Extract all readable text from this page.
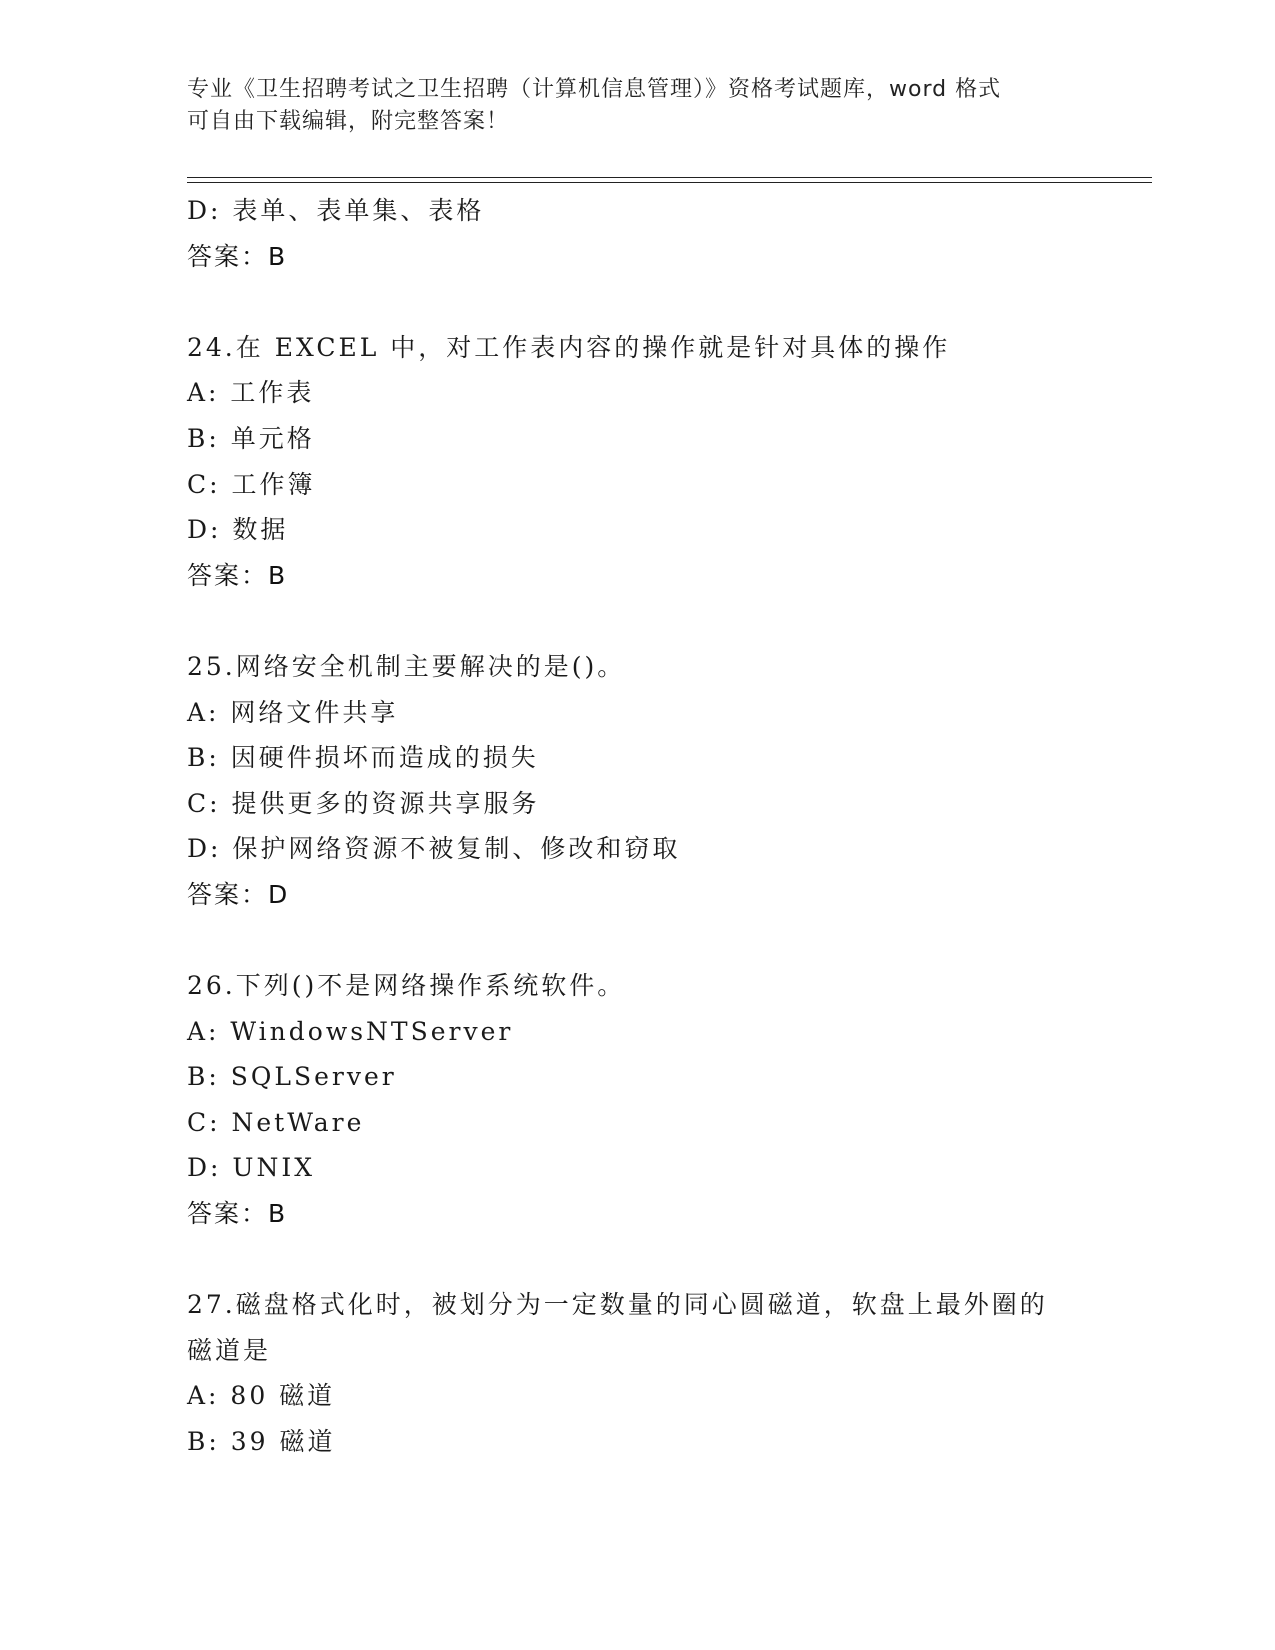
专业《卫生招聘考试之卫生招聘（计算机信息管理）》资格考试题库，word 格式
可自由下载编辑，附完整答案！
D: 表单、表单集、表格
答案：B
24.在 EXCEL 中，对工作表内容的操作就是针对具体的操作
A: 工作表
B: 单元格
C: 工作簿
D: 数据
答案：B
25.网络安全机制主要解决的是()。
A: 网络文件共享
B: 因硬件损坏而造成的损失
C: 提供更多的资源共享服务
D: 保护网络资源不被复制、修改和窃取
答案：D
26.下列()不是网络操作系统软件。
A: WindowsNTServer
B: SQLServer
C: NetWare
D: UNIX
答案：B
27.磁盘格式化时，被划分为一定数量的同心圆磁道，软盘上最外圈的
磁道是
A: 80 磁道
B: 39 磁道
